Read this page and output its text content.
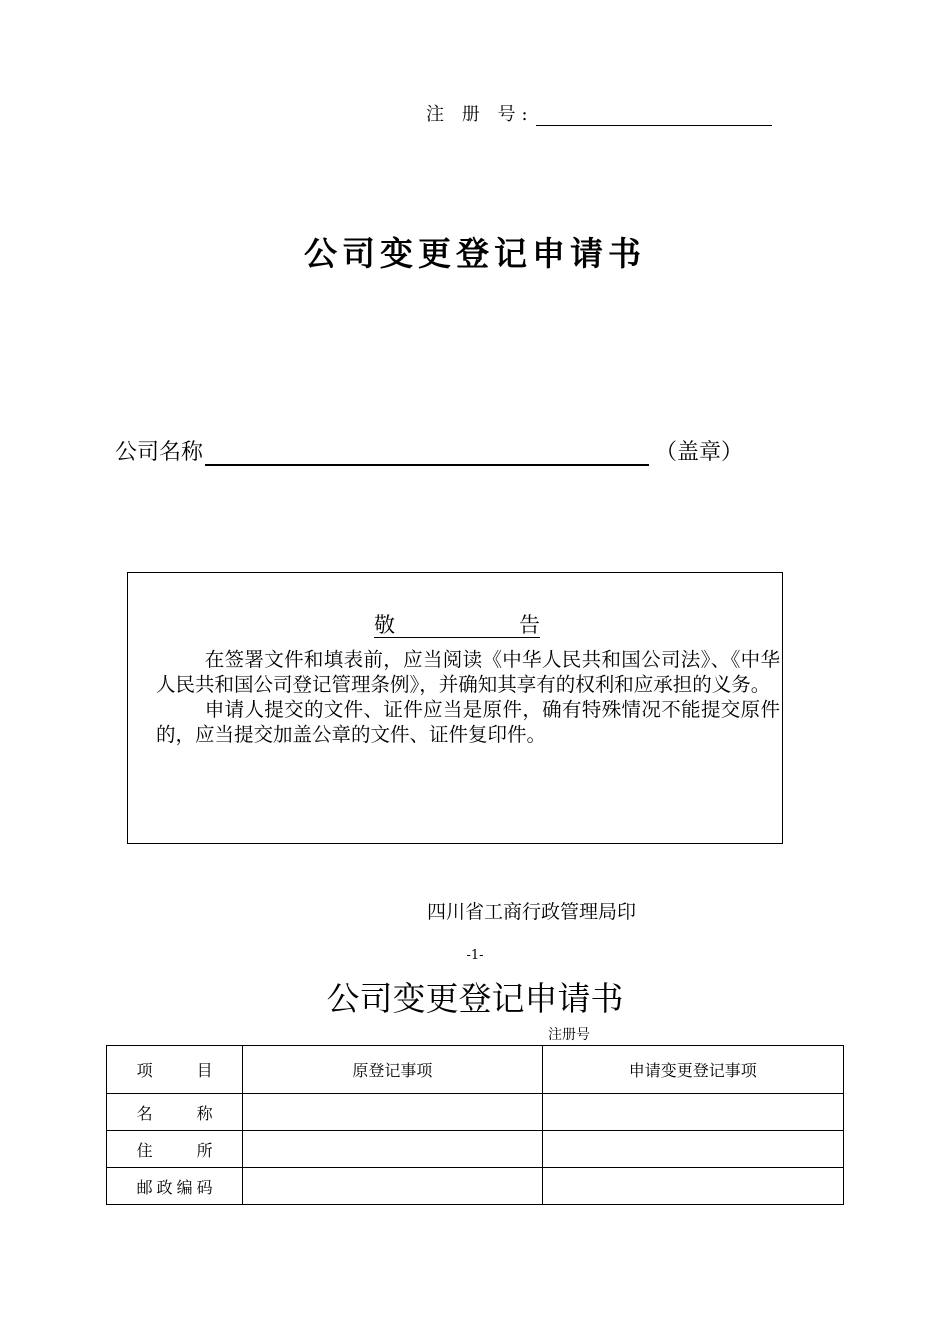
注 册 号:
公司变更登记申请书
公司名称	（盖章）
敬	告

在签署文件和填表前，应当阅读《中华人民共和国公司法》、《中华人民共和国公司登记管理条例》，并确知其享有的权利和应承担的义务。

申请人提交的文件、证件应当是原件，确有特殊情况不能提交原件的，应当提交加盖公章的文件、证件复印件。

四川省工商行政管理局印
-1-
公司变更登记申请书
注册号
项　　目	原登记事项	申请变更登记事项
名　　称		
住　　所		
邮政编码		
